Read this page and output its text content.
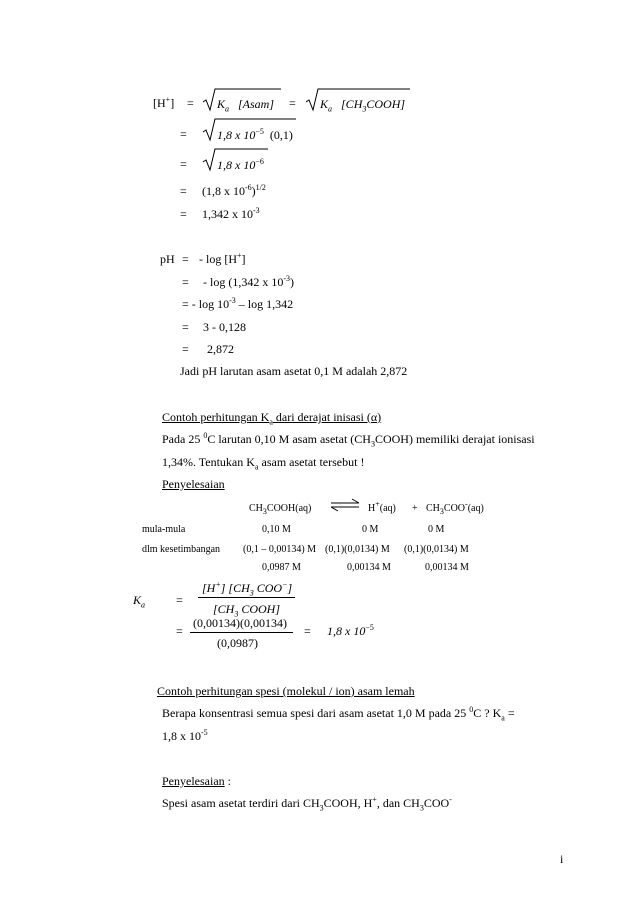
$[H^+] = K_a$ [Asam] = $K_a$ $[CH_3COOH]$
=	1,8 x $10^{-5}$ (0,1)
=	1,8 x $10^{-6}$
= (1,8 x $10^{-6})^{1/2}$
= 1,342 x $10^{-3}$
pH = - log [H+]
= - log (1,342 x $10^{-3}$)
= - $\log 10^{-3}$ – log 1,342
= 3 - 0,128
= 2,872
Jadi pH larutan asam asetat 0,1 M adalah 2,872
Contoh perhitungan $K_a$ dari derajat inisasi (α)
Pada 25 $^0$C larutan 0,10 M asam asetat $(CH_3COOH)$ memiliki derajat ionisasi
1,34%. Tentukan $K_a$ asam asetat tersebut !
Penyelesaian
$CH_3COOH(aq)$ ⇌ $H^+(aq) + CH_3COO^-(aq)$
mula-mula	0,10 M	0 M	0 M
dlm kesetimbangan (0,1 – 0,00134) M (0,1)(0,0134) M (0,1)(0,0134) M
0,0987 M	0,00134 M	0,00134 M
$K_a$	=
[H+] [$CH_3$ COO−]
[$CH_3$ COOH]
=
(0,00134)(0,00134)
(0,0987)
= 1,8 x $10^{-5}$
Contoh perhitungan spesi (molekul / ion) asam lemah
Berapa konsentrasi semua spesi dari asam asetat 1,0 M pada 25 $^0$C ? $K_a$ =
1,8 x $10^{-5}$
Penyelesaian :
Spesi asam asetat terdiri dari $CH_3COOH$, H+, dan $CH_3COO^-$
i
